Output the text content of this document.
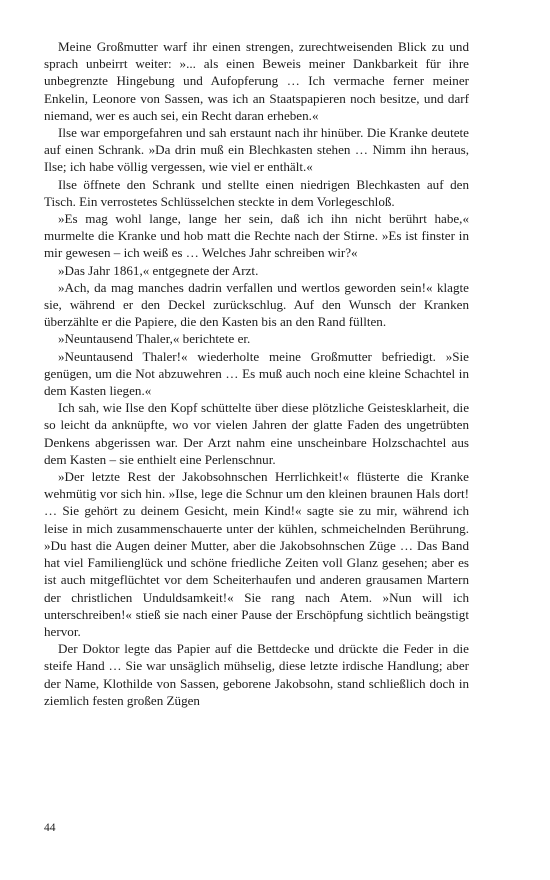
Meine Großmutter warf ihr einen strengen, zurechtweisenden Blick zu und sprach unbeirrt weiter: »... als einen Beweis meiner Dankbarkeit für ihre unbegrenzte Hingebung und Aufopferung … Ich vermache ferner meiner Enkelin, Leonore von Sassen, was ich an Staatspapieren noch besitze, und darf niemand, wer es auch sei, ein Recht daran erheben.«

Ilse war emporgefahren und sah erstaunt nach ihr hinüber. Die Kranke deutete auf einen Schrank. »Da drin muß ein Blechkasten stehen … Nimm ihn heraus, Ilse; ich habe völlig vergessen, wie viel er enthält.«

Ilse öffnete den Schrank und stellte einen niedrigen Blechkasten auf den Tisch. Ein verrostetes Schlüsselchen steckte in dem Vorlegeschloß.

»Es mag wohl lange, lange her sein, daß ich ihn nicht berührt habe,« murmelte die Kranke und hob matt die Rechte nach der Stirne. »Es ist finster in mir gewesen – ich weiß es … Welches Jahr schreiben wir?«

»Das Jahr 1861,« entgegnete der Arzt.

»Ach, da mag manches dadrin verfallen und wertlos geworden sein!« klagte sie, während er den Deckel zurückschlug. Auf den Wunsch der Kranken überzählte er die Papiere, die den Kasten bis an den Rand füllten.

»Neuntausend Thaler,« berichtete er.

»Neuntausend Thaler!« wiederholte meine Großmutter befriedigt. »Sie genügen, um die Not abzuwehren … Es muß auch noch eine kleine Schachtel in dem Kasten liegen.«

Ich sah, wie Ilse den Kopf schüttelte über diese plötzliche Geistesklarheit, die so leicht da anknüpfte, wo vor vielen Jahren der glatte Faden des ungetrübten Denkens abgerissen war. Der Arzt nahm eine unscheinbare Holzschachtel aus dem Kasten – sie enthielt eine Perlenschnur.

»Der letzte Rest der Jakobsohnschen Herrlichkeit!« flüsterte die Kranke wehmütig vor sich hin. »Ilse, lege die Schnur um den kleinen braunen Hals dort! … Sie gehört zu deinem Gesicht, mein Kind!« sagte sie zu mir, während ich leise in mich zusammenschauerte unter der kühlen, schmeichelnden Berührung. »Du hast die Augen deiner Mutter, aber die Jakobsohnschen Züge … Das Band hat viel Familienglück und schöne friedliche Zeiten voll Glanz gesehen; aber es ist auch mitgeflüchtet vor dem Scheiterhaufen und anderen grausamen Martern der christlichen Unduldsamkeit!« Sie rang nach Atem. »Nun will ich unterschreiben!« stieß sie nach einer Pause der Erschöpfung sichtlich beängstigt hervor.

Der Doktor legte das Papier auf die Bettdecke und drückte die Feder in die steife Hand … Sie war unsäglich mühselig, diese letzte irdische Handlung; aber der Name, Klothilde von Sassen, geborene Jakobsohn, stand schließlich doch in ziemlich festen großen Zügen

44
